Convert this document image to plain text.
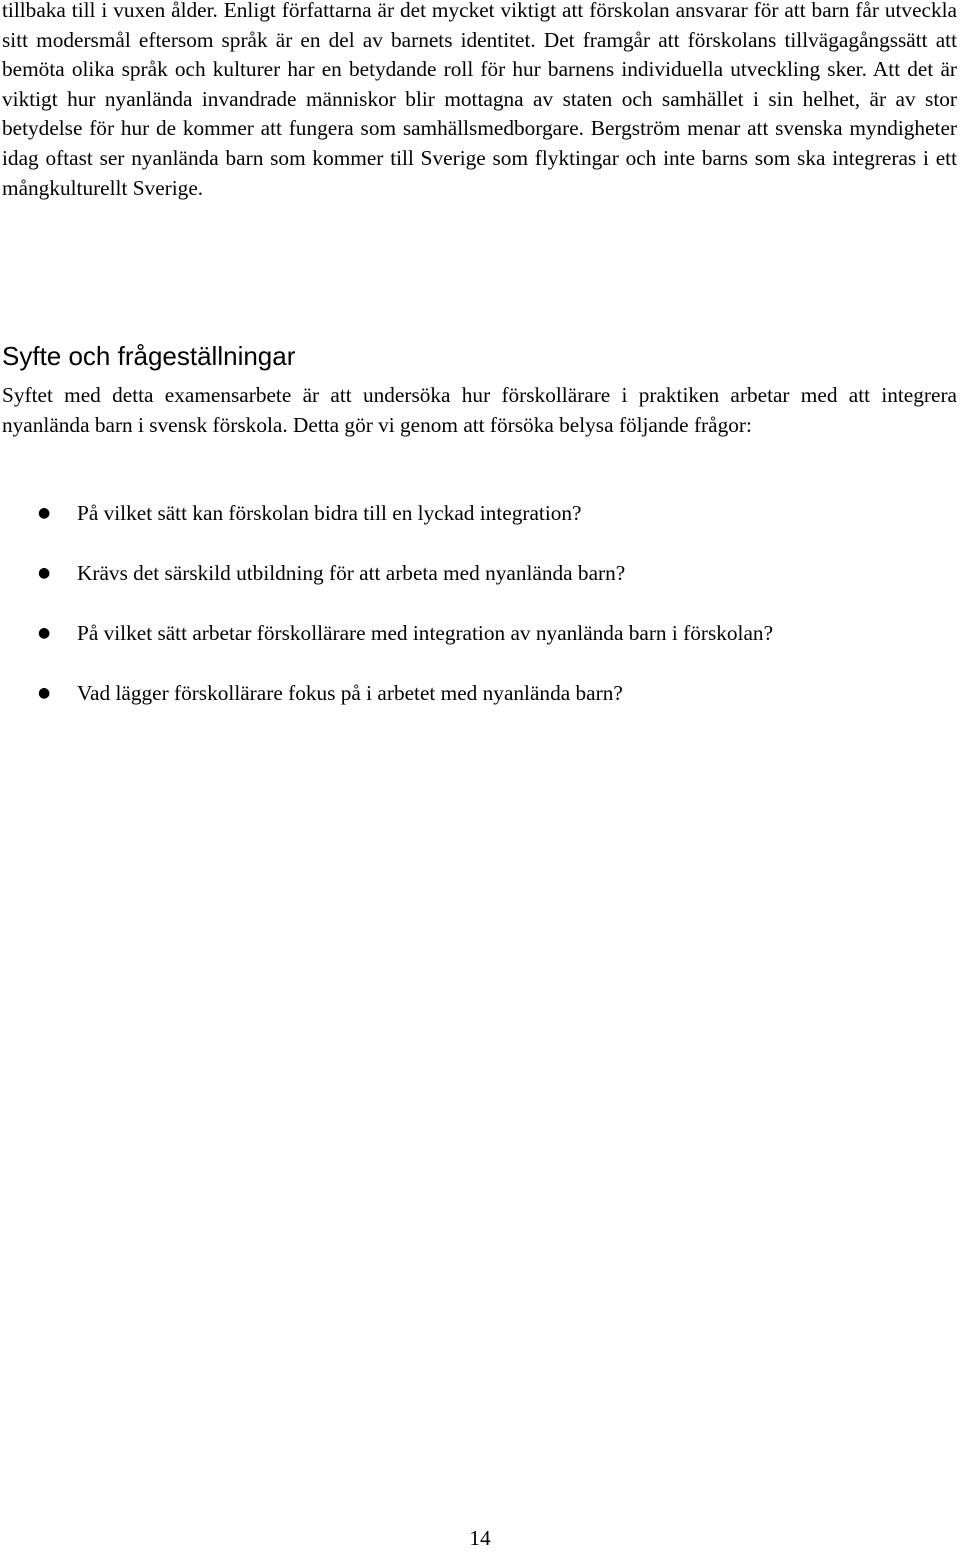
tillbaka till i vuxen ålder. Enligt författarna är det mycket viktigt att förskolan ansvarar för att barn får utveckla sitt modersmål eftersom språk är en del av barnets identitet. Det framgår att förskolans tillvägagångssätt att bemöta olika språk och kulturer har en betydande roll för hur barnens individuella utveckling sker. Att det är viktigt hur nyanlända invandrade människor blir mottagna av staten och samhället i sin helhet, är av stor betydelse för hur de kommer att fungera som samhällsmedborgare. Bergström menar att svenska myndigheter idag oftast ser nyanlända barn som kommer till Sverige som flyktingar och inte barns som ska integreras i ett mångkulturellt Sverige.

Syfte och frågeställningar

Syftet med detta examensarbete är att undersöka hur förskollärare i praktiken arbetar med att integrera nyanlända barn i svensk förskola. Detta gör vi genom att försöka belysa följande frågor:

● På vilket sätt kan förskolan bidra till en lyckad integration?
● Krävs det särskild utbildning för att arbeta med nyanlända barn?
● På vilket sätt arbetar förskollärare med integration av nyanlända barn i förskolan?
● Vad lägger förskollärare fokus på i arbetet med nyanlända barn?
14
